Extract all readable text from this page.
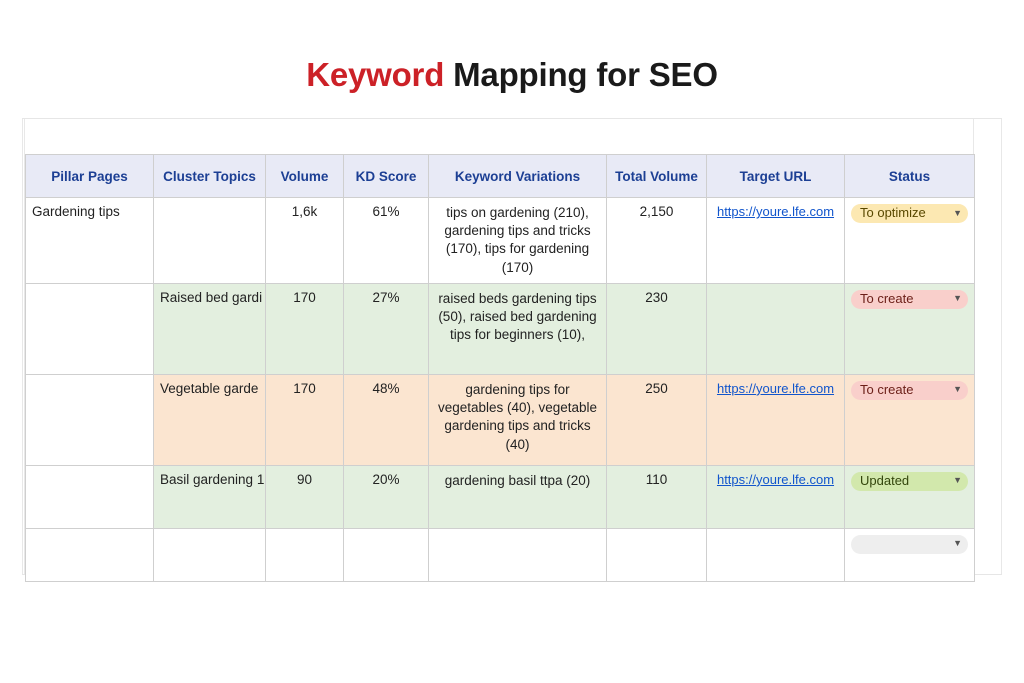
Keyword Mapping for SEO
Pillar Pages	Cluster Topics	Volume	KD Score	Keyword Variations	Total Volume	Target URL	Status
Gardening tips		1,6k	61%	tips on gardening (210), gardening tips and tricks (170), tips for gardening (170)	2,150	https://youre.lfe.com	To optimize ▼

	Raised bed gardi	170	27%	raised beds gardening tips (50), raised bed gardening tips for beginners (10),	230		To create ▼

	Vegetable garde	170	48%	gardening tips for vegetables (40), vegetable gardening tips and tricks (40)	250	https://youre.lfe.com	To create ▼

	Basil gardening 1	90	20%	gardening basil ttpa (20)	110	https://youre.lfe.com	Updated ▼

							▼
